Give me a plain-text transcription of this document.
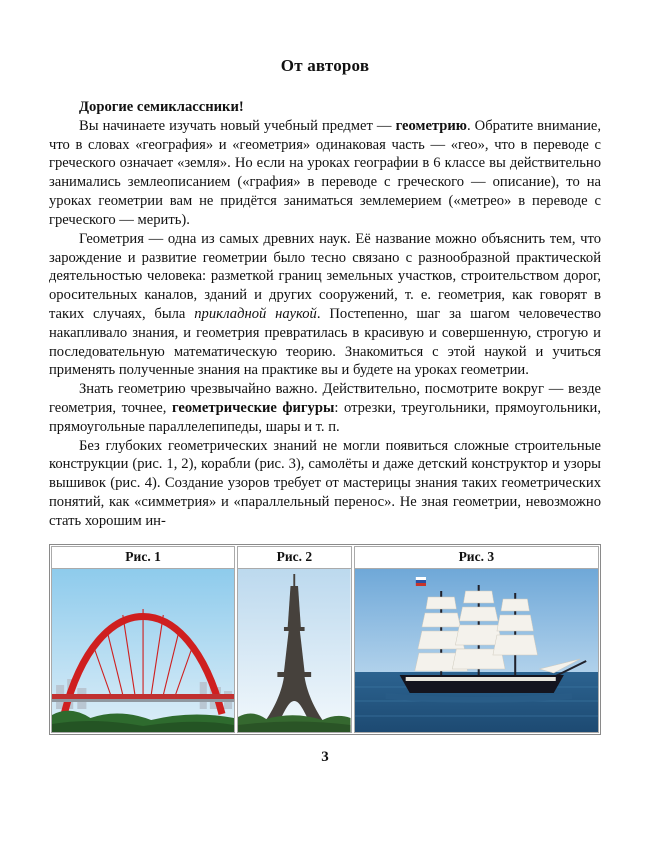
От авторов

Дорогие семиклассники!

Вы начинаете изучать новый учебный предмет — геометрию. Обратите внимание, что в словах «география» и «геометрия» одинаковая часть — «гео», что в переводе с греческого означает «земля». Но если на уроках географии в 6 классе вы действительно занимались землеописанием («графия» в переводе с греческого — описание), то на уроках геометрии вам не придётся заниматься землемерием («метрео» в переводе с греческого — мерить).

Геометрия — одна из самых древних наук. Её название можно объяснить тем, что зарождение и развитие геометрии было тесно связано с разнообразной практической деятельностью человека: разметкой границ земельных участков, строительством дорог, оросительных каналов, зданий и других сооружений, т. е. геометрия, как говорят в таких случаях, была прикладной наукой. Постепенно, шаг за шагом человечество накапливало знания, и геометрия превратилась в красивую и совершенную, строгую и последовательную математическую теорию. Знакомиться с этой наукой и учиться применять полученные знания на практике вы и будете на уроках геометрии.

Знать геометрию чрезвычайно важно. Действительно, посмотрите вокруг — везде геометрия, точнее, геометрические фигуры: отрезки, треугольники, прямоугольники, прямоугольные параллелепипеды, шары и т. п.

Без глубоких геометрических знаний не могли появиться сложные строительные конструкции (рис. 1, 2), корабли (рис. 3), самолёты и даже детский конструктор и узоры вышивок (рис. 4). Создание узоров требует от мастерицы знания таких геометрических понятий, как «симметрия» и «параллельный перенос». Не зная геометрии, невозможно стать хорошим ин-

Рис. 1	Рис. 2	Рис. 3
3
